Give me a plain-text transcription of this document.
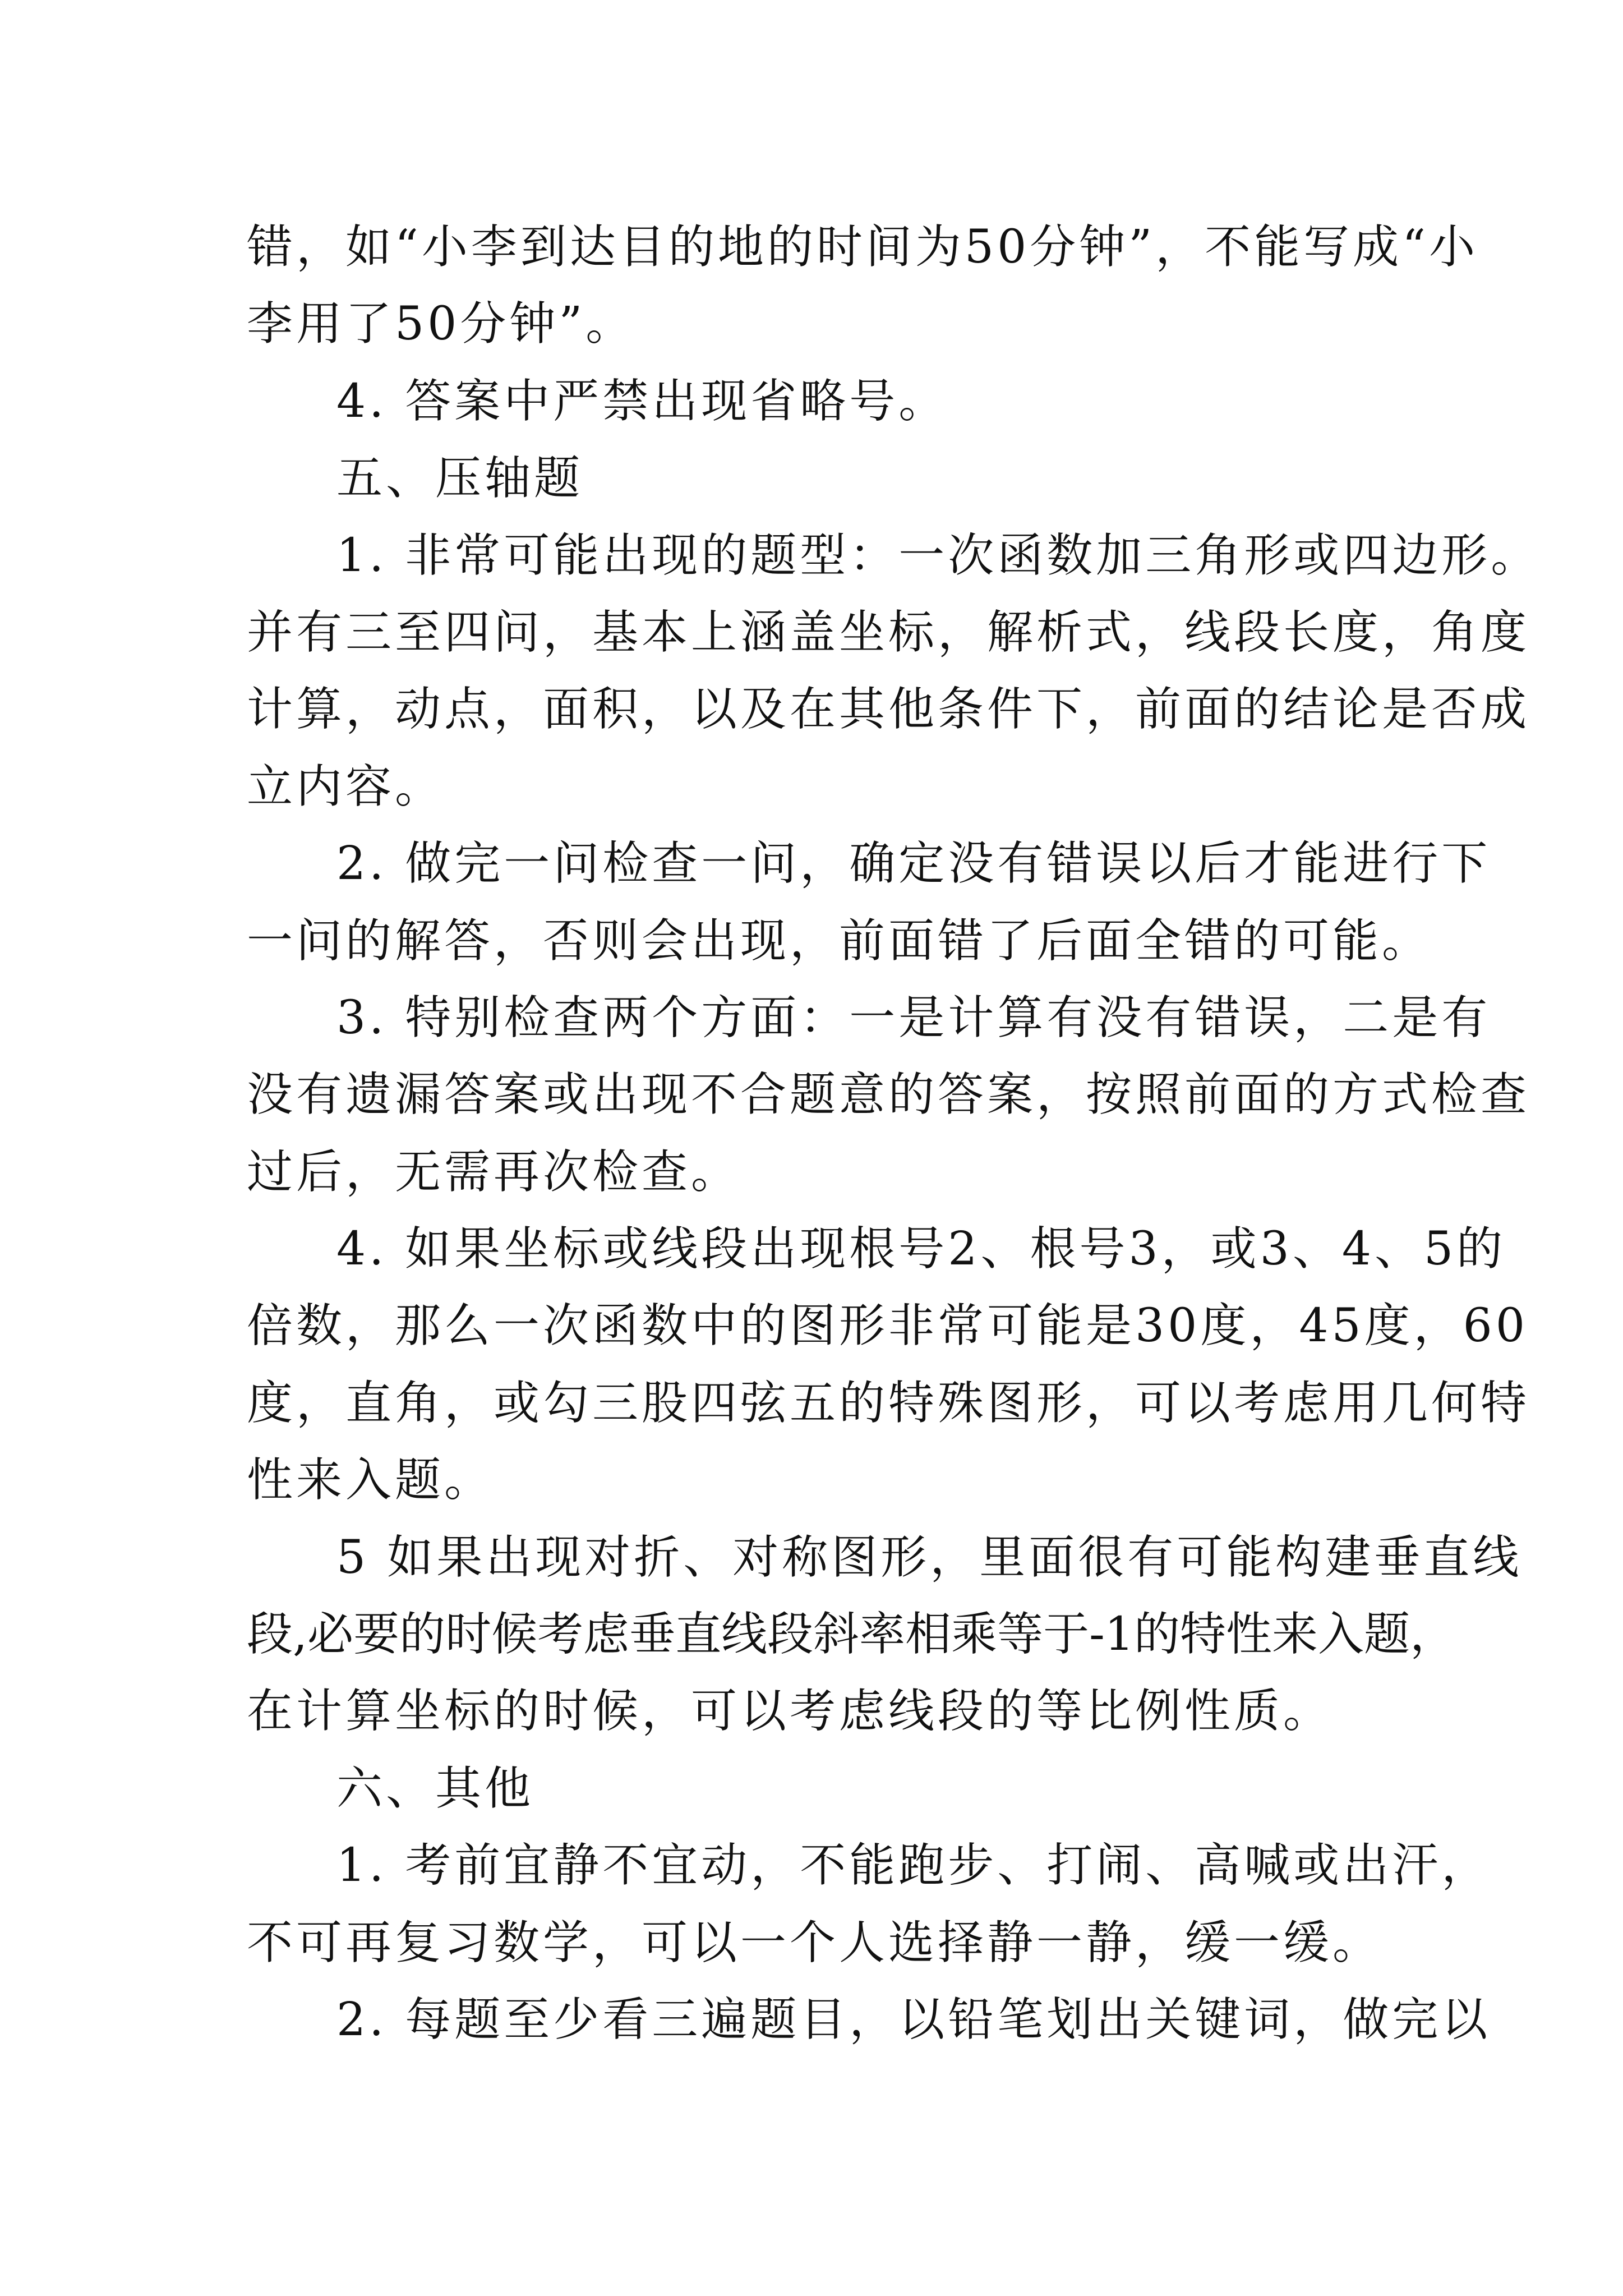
错，如“小李到达目的地的时间为50分钟”，不能写成“小
李用了50分钟”。
4. 答案中严禁出现省略号。
五、压轴题
1. 非常可能出现的题型：一次函数加三角形或四边形。
并有三至四问，基本上涵盖坐标，解析式，线段长度，角度
计算，动点，面积，以及在其他条件下，前面的结论是否成
立内容。
2. 做完一问检查一问，确定没有错误以后才能进行下
一问的解答，否则会出现，前面错了后面全错的可能。
3. 特别检查两个方面：一是计算有没有错误，二是有
没有遗漏答案或出现不合题意的答案，按照前面的方式检查
过后，无需再次检查。
4. 如果坐标或线段出现根号2、根号3，或3、4、5的
倍数，那么一次函数中的图形非常可能是30度，45度，60
度，直角，或勾三股四弦五的特殊图形，可以考虑用几何特
性来入题。
5 如果出现对折、对称图形，里面很有可能构建垂直线
段,必要的时候考虑垂直线段斜率相乘等于-1的特性来入题，
在计算坐标的时候，可以考虑线段的等比例性质。
六、其他
1. 考前宜静不宜动，不能跑步、打闹、高喊或出汗，
不可再复习数学，可以一个人选择静一静，缓一缓。
2. 每题至少看三遍题目，以铅笔划出关键词，做完以
